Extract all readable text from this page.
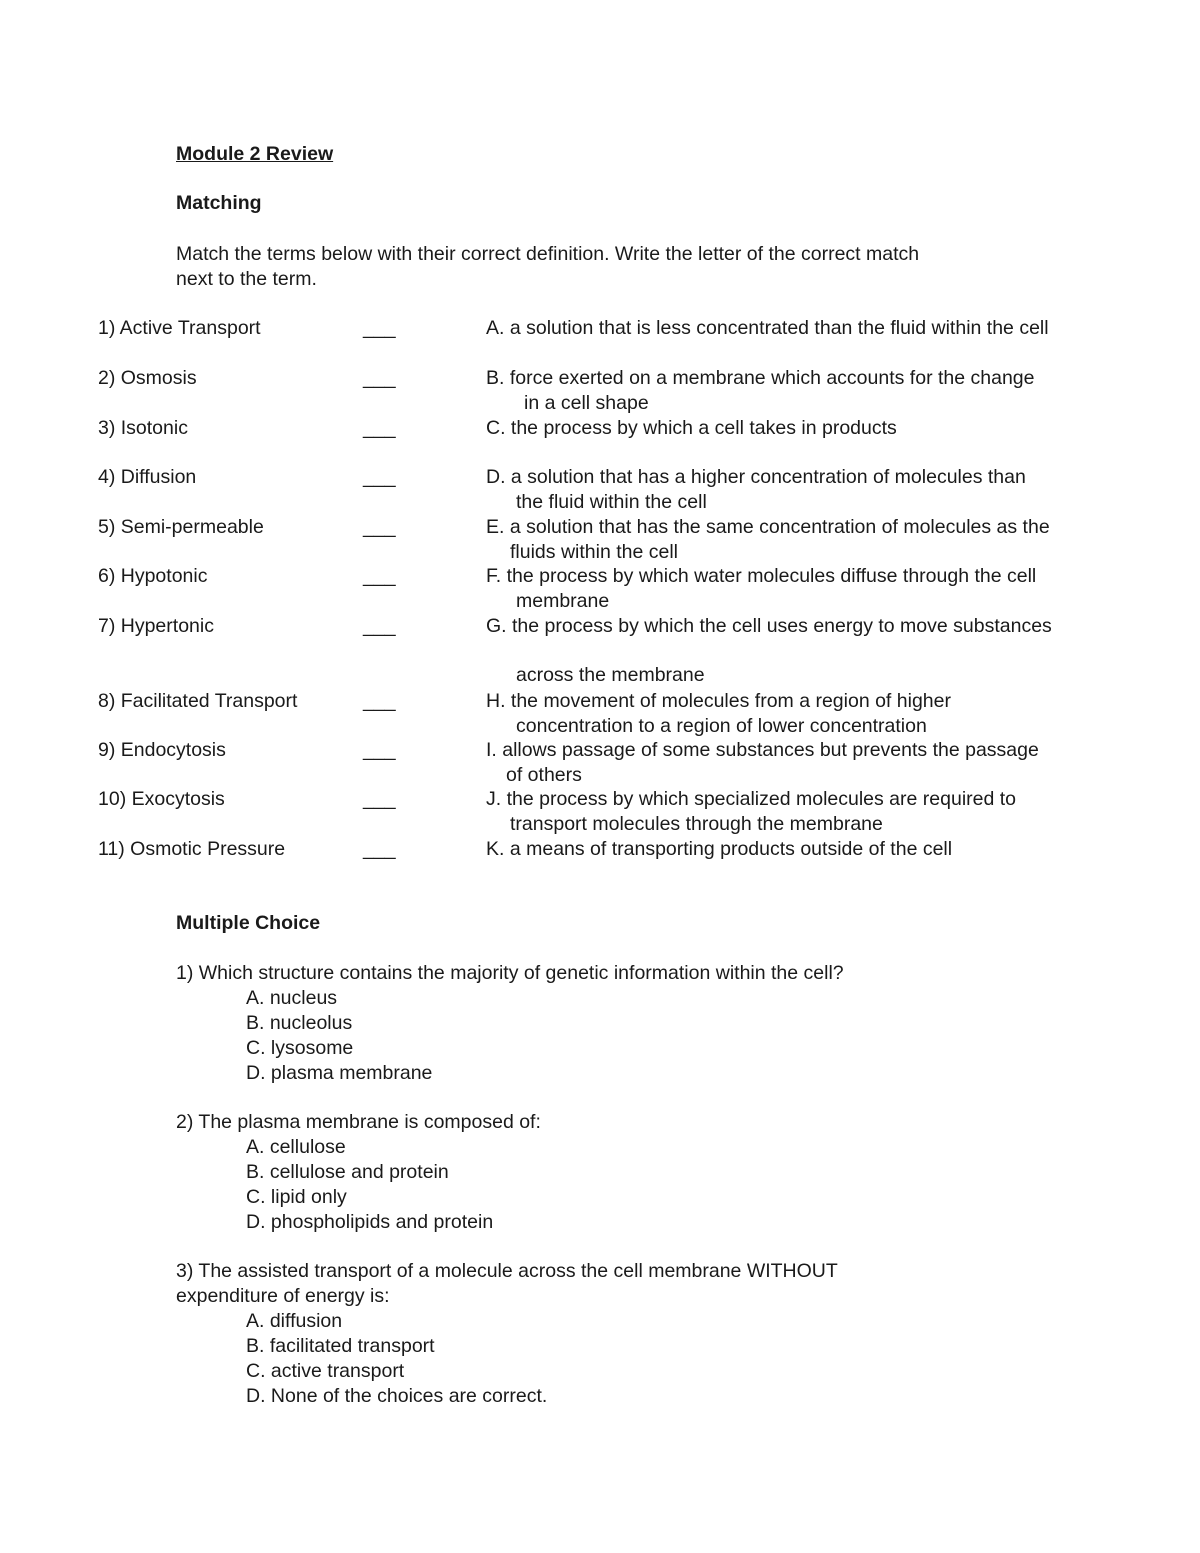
Module 2 Review
Matching
Match the terms below with their correct definition. Write the letter of the correct match
next to the term.
1) Active Transport	___	A. a solution that is less concentrated than the fluid within the cell
2) Osmosis	___	B. force exerted on a membrane which accounts for the change
in a cell shape
3) Isotonic	___	C. the process by which a cell takes in products
4) Diffusion	___	D. a solution that has a higher concentration of molecules than
the fluid within the cell
5) Semi-permeable	___	E. a solution that has the same concentration of molecules as the
fluids within the cell
6) Hypotonic	___	F. the process by which water molecules diffuse through the cell
membrane
7) Hypertonic	___	G. the process by which the cell uses energy to move substances
across the membrane
8) Facilitated Transport	___	H. the movement of molecules from a region of higher
concentration to a region of lower concentration
9) Endocytosis	___	I. allows passage of some substances but prevents the passage
of others
10) Exocytosis	___	J. the process by which specialized molecules are required to
transport molecules through the membrane
11) Osmotic Pressure	___	K. a means of transporting products outside of the cell
Multiple Choice
1) Which structure contains the majority of genetic information within the cell?
A. nucleus
B. nucleolus
C. lysosome
D. plasma membrane
2) The plasma membrane is composed of:
A. cellulose
B. cellulose and protein
C. lipid only
D. phospholipids and protein
3) The assisted transport of a molecule across the cell membrane WITHOUT
expenditure of energy is:
A. diffusion
B. facilitated transport
C. active transport
D. None of the choices are correct.
